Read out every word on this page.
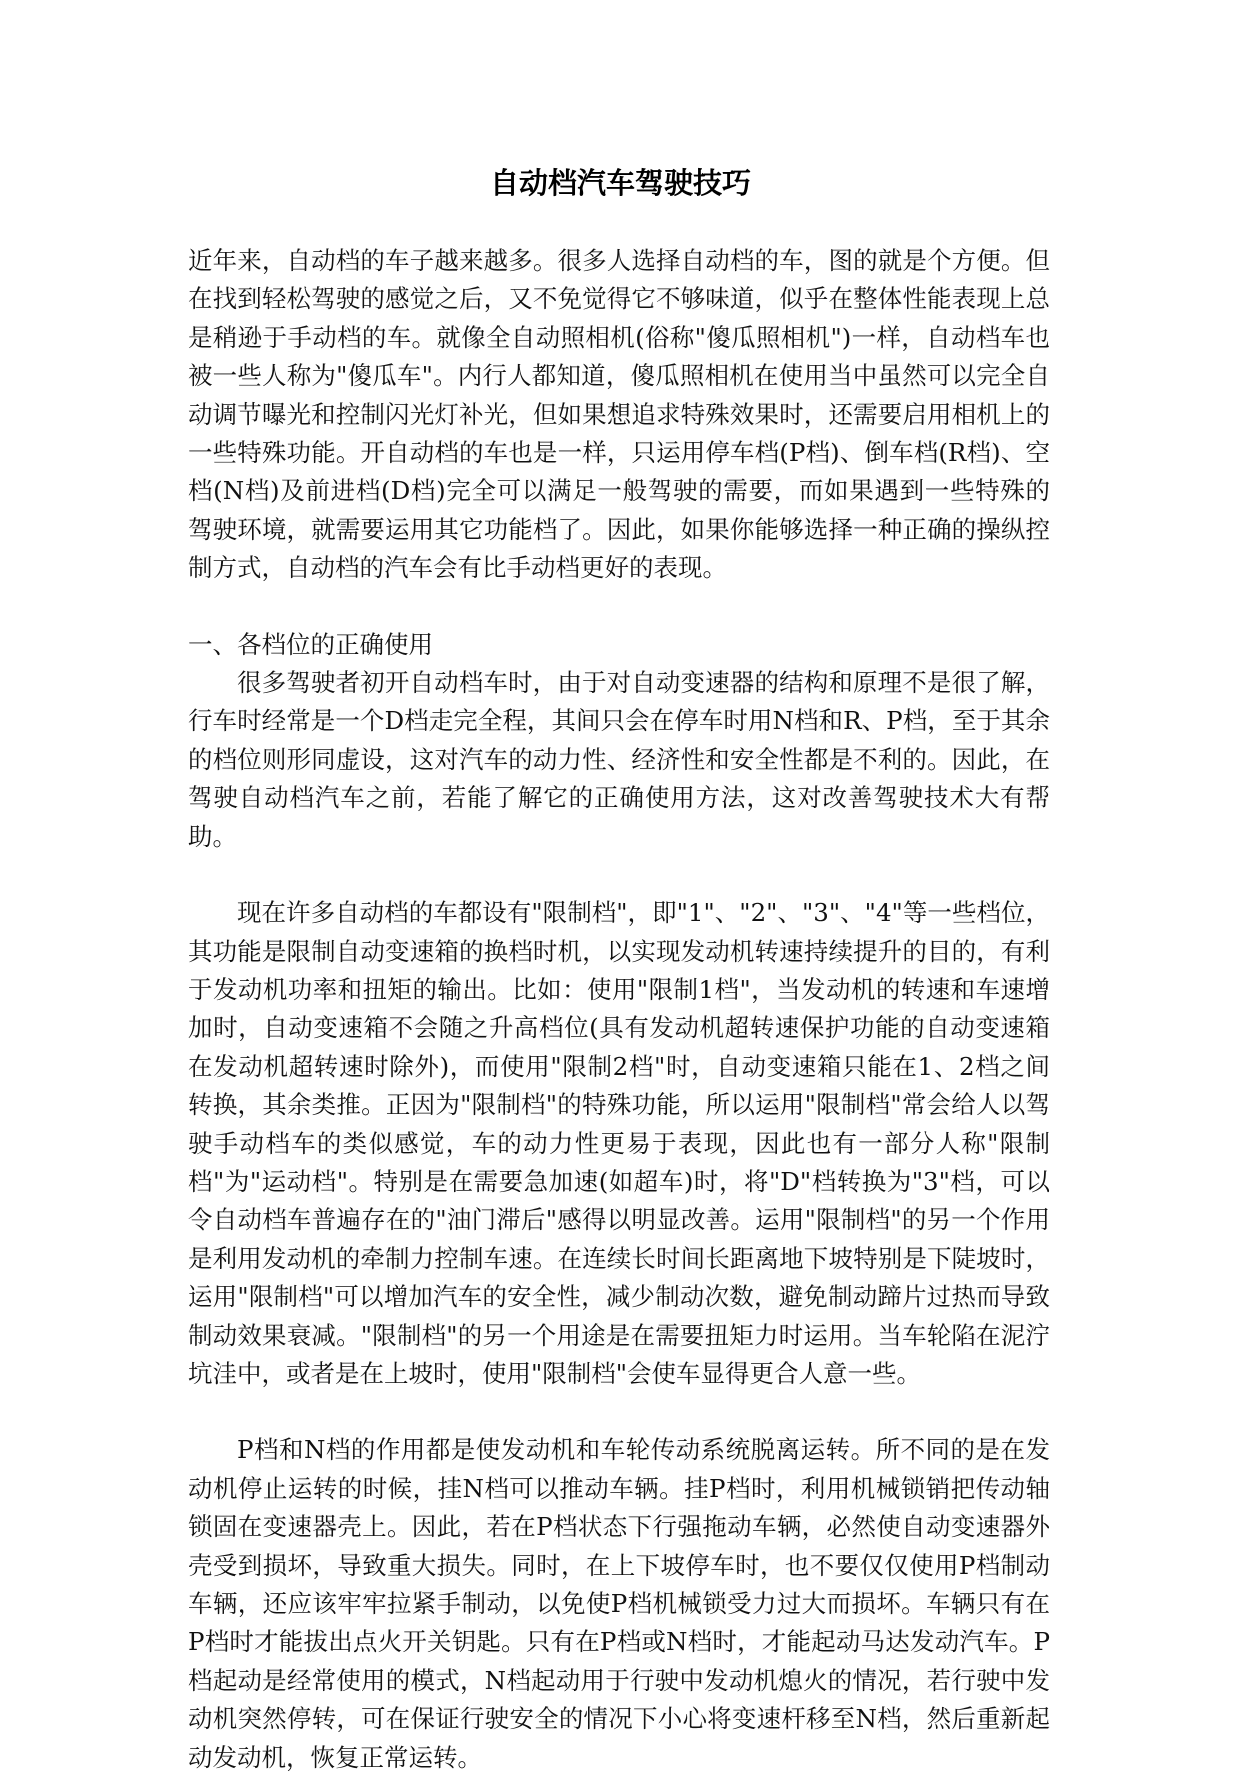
自动档汽车驾驶技巧

近年来，自动档的车子越来越多。很多人选择自动档的车，图的就是个方便。但在找到轻松驾驶的感觉之后，又不免觉得它不够味道，似乎在整体性能表现上总是稍逊于手动档的车。就像全自动照相机(俗称"傻瓜照相机")一样，自动档车也被一些人称为"傻瓜车"。内行人都知道，傻瓜照相机在使用当中虽然可以完全自动调节曝光和控制闪光灯补光，但如果想追求特殊效果时，还需要启用相机上的一些特殊功能。开自动档的车也是一样，只运用停车档(P档)、倒车档(R档)、空档(N档)及前进档(D档)完全可以满足一般驾驶的需要，而如果遇到一些特殊的驾驶环境，就需要运用其它功能档了。因此，如果你能够选择一种正确的操纵控制方式，自动档的汽车会有比手动档更好的表现。

一、各档位的正确使用

很多驾驶者初开自动档车时，由于对自动变速器的结构和原理不是很了解，行车时经常是一个D档走完全程，其间只会在停车时用N档和R、P档，至于其余的档位则形同虚设，这对汽车的动力性、经济性和安全性都是不利的。因此，在驾驶自动档汽车之前，若能了解它的正确使用方法，这对改善驾驶技术大有帮助。

现在许多自动档的车都设有"限制档"，即"1"、"2"、"3"、"4"等一些档位，其功能是限制自动变速箱的换档时机，以实现发动机转速持续提升的目的，有利于发动机功率和扭矩的输出。比如：使用"限制1档"，当发动机的转速和车速增加时，自动变速箱不会随之升高档位(具有发动机超转速保护功能的自动变速箱在发动机超转速时除外)，而使用"限制2档"时，自动变速箱只能在1、2档之间转换，其余类推。正因为"限制档"的特殊功能，所以运用"限制档"常会给人以驾驶手动档车的类似感觉，车的动力性更易于表现，因此也有一部分人称"限制档"为"运动档"。特别是在需要急加速(如超车)时，将"D"档转换为"3"档，可以令自动档车普遍存在的"油门滞后"感得以明显改善。运用"限制档"的另一个作用是利用发动机的牵制力控制车速。在连续长时间长距离地下坡特别是下陡坡时，运用"限制档"可以增加汽车的安全性，减少制动次数，避免制动蹄片过热而导致制动效果衰减。"限制档"的另一个用途是在需要扭矩力时运用。当车轮陷在泥泞坑洼中，或者是在上坡时，使用"限制档"会使车显得更合人意一些。

P档和N档的作用都是使发动机和车轮传动系统脱离运转。所不同的是在发动机停止运转的时候，挂N档可以推动车辆。挂P档时，利用机械锁销把传动轴锁固在变速器壳上。因此，若在P档状态下行强拖动车辆，必然使自动变速器外壳受到损坏，导致重大损失。同时，在上下坡停车时，也不要仅仅使用P档制动车辆，还应该牢牢拉紧手制动，以免使P档机械锁受力过大而损坏。车辆只有在P档时才能拔出点火开关钥匙。只有在P档或N档时，才能起动马达发动汽车。P档起动是经常使用的模式，N档起动用于行驶中发动机熄火的情况，若行驶中发动机突然停转，可在保证行驶安全的情况下小心将变速杆移至N档，然后重新起动发动机，恢复正常运转。
